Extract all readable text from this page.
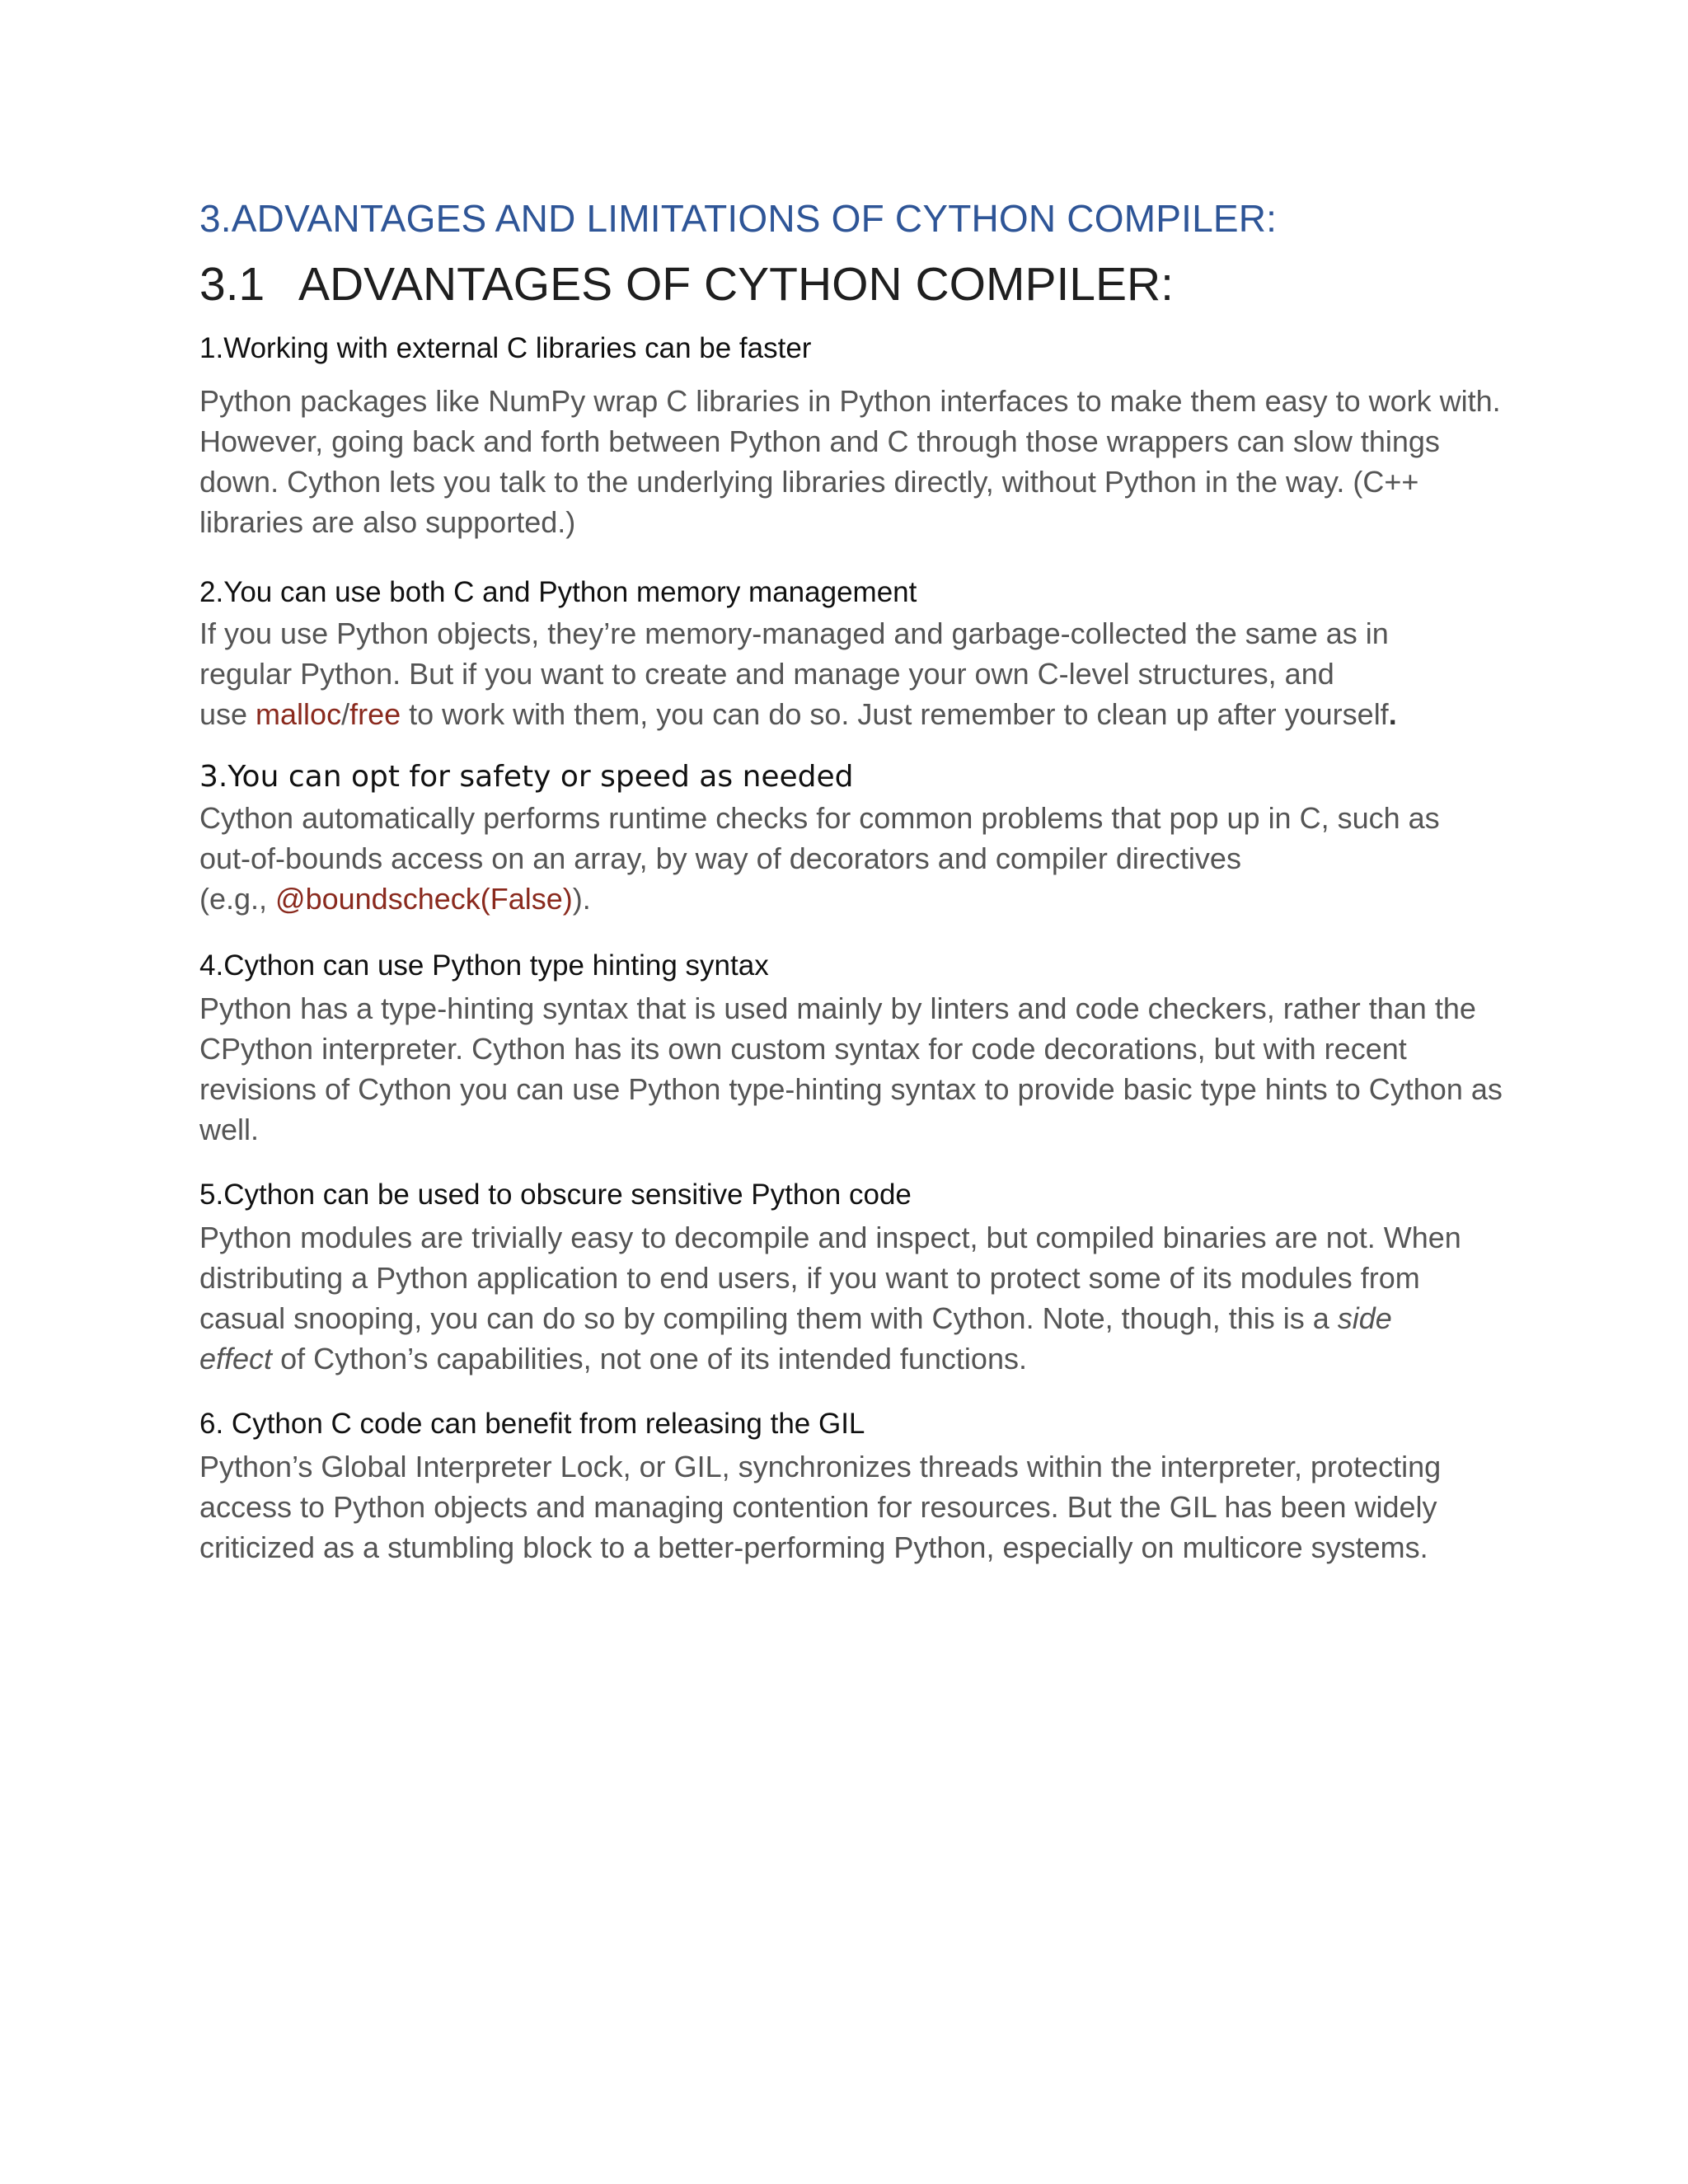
3.ADVANTAGES AND LIMITATIONS OF CYTHON COMPILER:
3.1 ADVANTAGES OF CYTHON COMPILER:
1.Working with external C libraries can be faster

Python packages like NumPy wrap C libraries in Python interfaces to make them easy to work with. However, going back and forth between Python and C through those wrappers can slow things down. Cython lets you talk to the underlying libraries directly, without Python in the way. (C++ libraries are also supported.)

2.You can use both C and Python memory management

If you use Python objects, they’re memory-managed and garbage-collected the same as in
regular Python. But if you want to create and manage your own C-level structures, and
use malloc/free to work with them, you can do so. Just remember to clean up after yourself.

3.You can opt for safety or speed as needed

Cython automatically performs runtime checks for common problems that pop up in C, such as
out-of-bounds access on an array, by way of decorators and compiler directives
(e.g., @boundscheck(False)).

4.Cython can use Python type hinting syntax

Python has a type-hinting syntax that is used mainly by linters and code checkers, rather than the CPython interpreter. Cython has its own custom syntax for code decorations, but with recent revisions of Cython you can use Python type-hinting syntax to provide basic type hints to Cython as well.

5.Cython can be used to obscure sensitive Python code

Python modules are trivially easy to decompile and inspect, but compiled binaries are not. When
distributing a Python application to end users, if you want to protect some of its modules from
casual snooping, you can do so by compiling them with Cython. Note, though, this is a side
effect of Cython’s capabilities, not one of its intended functions.

6. Cython C code can benefit from releasing the GIL

Python’s Global Interpreter Lock, or GIL, synchronizes threads within the interpreter, protecting access to Python objects and managing contention for resources. But the GIL has been widely criticized as a stumbling block to a better-performing Python, especially on multicore systems.
